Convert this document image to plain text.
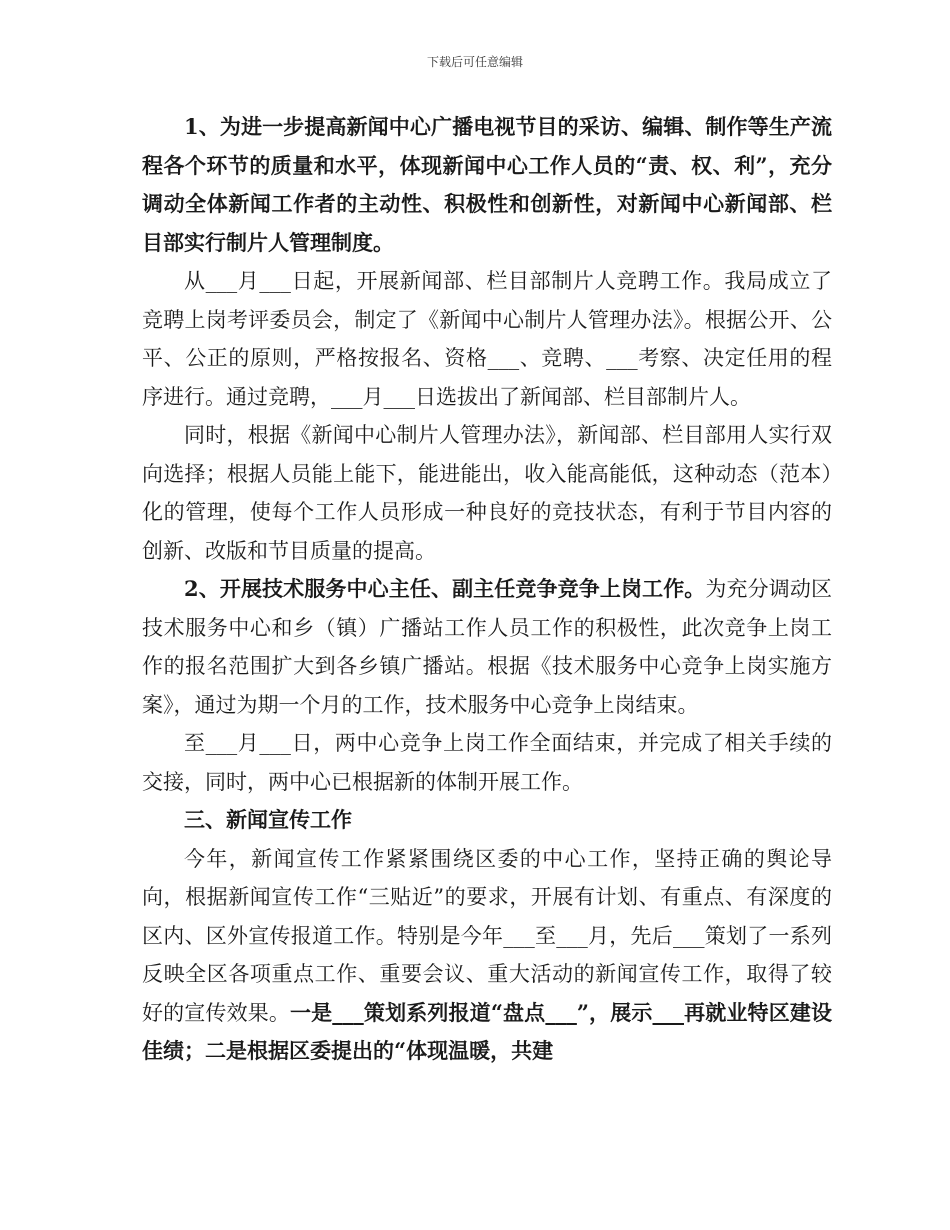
下载后可任意编辑

1、为进一步提高新闻中心广播电视节目的采访、编辑、制作等生产流程各个环节的质量和水平，体现新闻中心工作人员的“责、权、利”，充分调动全体新闻工作者的主动性、积极性和创新性，对新闻中心新闻部、栏目部实行制片人管理制度。

从___月___日起，开展新闻部、栏目部制片人竞聘工作。我局成立了竞聘上岗考评委员会，制定了《新闻中心制片人管理办法》。根据公开、公平、公正的原则，严格按报名、资格___、竞聘、___考察、决定任用的程序进行。通过竞聘，___月___日选拔出了新闻部、栏目部制片人。

同时，根据《新闻中心制片人管理办法》，新闻部、栏目部用人实行双向选择；根据人员能上能下，能进能出，收入能高能低，这种动态（范本）化的管理，使每个工作人员形成一种良好的竞技状态，有利于节目内容的创新、改版和节目质量的提高。

2、开展技术服务中心主任、副主任竞争竞争上岗工作。为充分调动区技术服务中心和乡（镇）广播站工作人员工作的积极性，此次竞争上岗工作的报名范围扩大到各乡镇广播站。根据《技术服务中心竞争上岗实施方案》，通过为期一个月的工作，技术服务中心竞争上岗结束。

至___月___日，两中心竞争上岗工作全面结束，并完成了相关手续的交接，同时，两中心已根据新的体制开展工作。

三、新闻宣传工作

今年，新闻宣传工作紧紧围绕区委的中心工作，坚持正确的舆论导向，根据新闻宣传工作“三贴近”的要求，开展有计划、有重点、有深度的区内、区外宣传报道工作。特别是今年___至___月，先后___策划了一系列反映全区各项重点工作、重要会议、重大活动的新闻宣传工作，取得了较好的宣传效果。一是___策划系列报道“盘点___”，展示___再就业特区建设佳绩；二是根据区委提出的“体现温暖，共建
